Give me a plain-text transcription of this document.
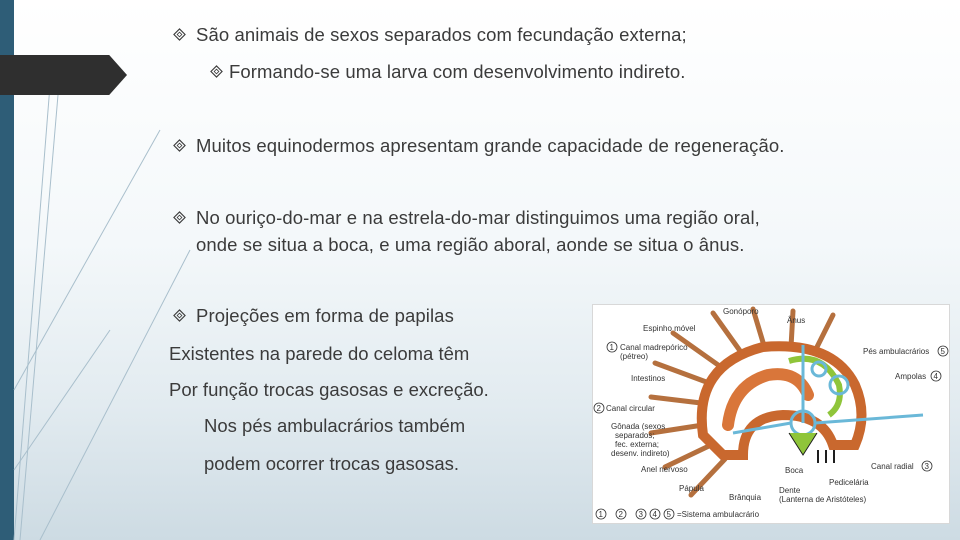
São animais de sexos separados com fecundação externa;
Formando-se uma larva com desenvolvimento indireto.
Muitos equinodermos apresentam grande capacidade de regeneração.
No ouriço-do-mar e na estrela-do-mar distinguimos uma região oral,
onde se situa a boca, e uma região aboral, aonde se situa o ânus.
Projeções em forma de papilas
Existentes na parede do celoma têm
Por função trocas gasosas e excreção.
Nos pés ambulacrários também
podem ocorrer trocas gasosas.
Gonóporo
Ânus
Espinho móvel
1 Canal madrepórico
(pétreo)
Pés ambulacrários 5
Intestinos	Ampolas 4
2 Canal circular
Gônada (sexos
separados;
fec. externa;
desenv. indireto)
Anel nervoso	Boca	Canal radial 3
Pedicelária
Pápula
Brânquia
Dente
(Lanterna de Aristóteles)
1 2 3 4 5 =Sistema ambulacrário
